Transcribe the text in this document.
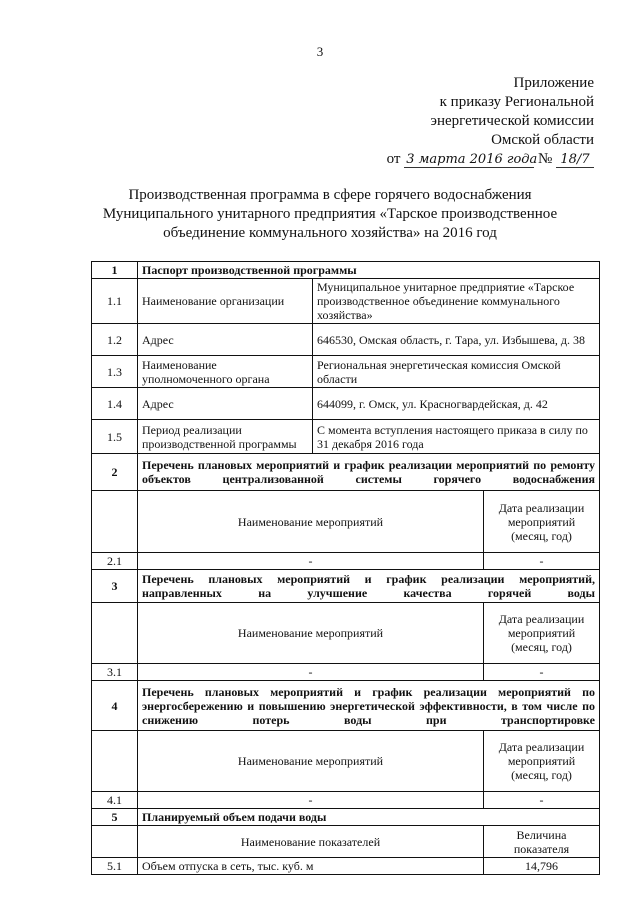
3
Приложение
к приказу Региональной
энергетической комиссии
Омской области
от 3 марта 2016 года № 18/7
Производственная программа в сфере горячего водоснабжения
Муниципального унитарного предприятия «Тарское производственное
объединение коммунального хозяйства» на 2016 год
1	Паспорт производственной программы		
1.1	Наименование организации	Муниципальное унитарное предприятие «Тарское производственное объединение коммунального хозяйства»	
1.2	Адрес	646530, Омская область, г. Тара, ул. Избышева, д. 38	
1.3	Наименование уполномоченного органа	Региональная энергетическая комиссия Омской области	
1.4	Адрес	644099, г. Омск, ул. Красногвардейская, д. 42	
1.5	Период реализации производственной программы	С момента вступления настоящего приказа в силу по 31 декабря 2016 года	
2	Перечень плановых мероприятий и график реализации мероприятий по ремонту объектов централизованной системы горячего водоснабжения		
	Наименование мероприятий		Дата реализации мероприятий (месяц, год)
2.1	-		-
3	Перечень плановых мероприятий и график реализации мероприятий, направленных на улучшение качества горячей воды		
	Наименование мероприятий		Дата реализации мероприятий (месяц, год)
3.1	-		-
4	Перечень плановых мероприятий и график реализации мероприятий по энергосбережению и повышению энергетической эффективности, в том числе по снижению потерь воды при транспортировке		
	Наименование мероприятий		Дата реализации мероприятий (месяц, год)
4.1	-		-
5	Планируемый объем подачи воды		
	Наименование показателей		Величина показателя
5.1	Объем отпуска в сеть, тыс. куб. м		14,796
